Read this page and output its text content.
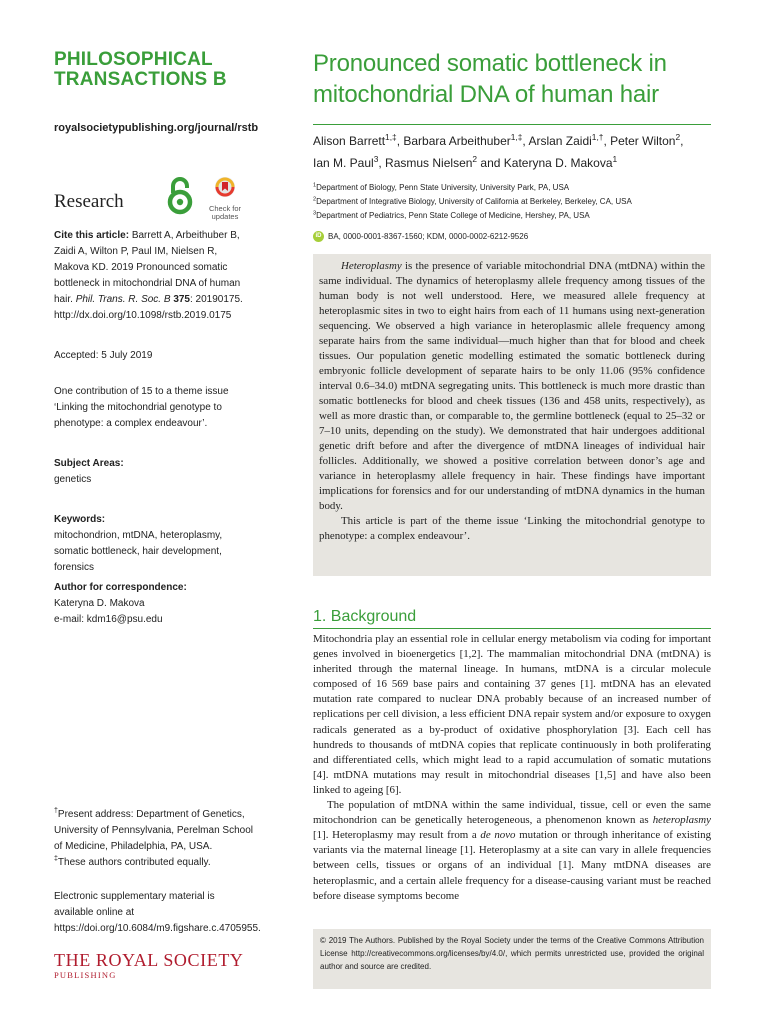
PHILOSOPHICAL
TRANSACTIONS B
royalsocietypublishing.org/journal/rstb
Research	Check for updates
Cite this article: Barrett A, Arbeithuber B, Zaidi A, Wilton P, Paul IM, Nielsen R, Makova KD. 2019 Pronounced somatic bottleneck in mitochondrial DNA of human hair. Phil. Trans. R. Soc. B 375: 20190175. http://dx.doi.org/10.1098/rstb.2019.0175
Accepted: 5 July 2019
One contribution of 15 to a theme issue ‘Linking the mitochondrial genotype to phenotype: a complex endeavour’.
Subject Areas:
genetics
Keywords:
mitochondrion, mtDNA, heteroplasmy, somatic bottleneck, hair development, forensics
Author for correspondence:
Kateryna D. Makova
e-mail: kdm16@psu.edu
†Present address: Department of Genetics, University of Pennsylvania, Perelman School of Medicine, Philadelphia, PA, USA.
‡These authors contributed equally.
Electronic supplementary material is available online at https://doi.org/10.6084/m9.figshare.c.4705955.
THE ROYAL SOCIETY
PUBLISHING
Pronounced somatic bottleneck in mitochondrial DNA of human hair
Alison Barrett$^{1,\ddagger}$, Barbara Arbeithuber$^{1,\ddagger}$, Arslan Zaidi$^{1,\dagger}$, Peter Wilton$^2$,
Ian M. Paul$^3$, Rasmus Nielsen$^2$ and Kateryna D. Makova$^1$
$^1$Department of Biology, Penn State University, University Park, PA, USA
$^2$Department of Integrative Biology, University of California at Berkeley, Berkeley, CA, USA
$^3$Department of Pediatrics, Penn State College of Medicine, Hershey, PA, USA
iD BA, 0000-0001-8367-1560; KDM, 0000-0002-6212-9526

Heteroplasmy is the presence of variable mitochondrial DNA (mtDNA) within the same individual. The dynamics of heteroplasmy allele frequency among tissues of the human body is not well understood. Here, we measured allele frequency at heteroplasmic sites in two to eight hairs from each of 11 humans using next-generation sequencing. We observed a high variance in heteroplasmic allele frequency among separate hairs from the same individual—much higher than that for blood and cheek tissues. Our population genetic modelling estimated the somatic bottleneck during embryonic follicle development of separate hairs to be only 11.06 (95% confidence interval 0.6–34.0) mtDNA segregating units. This bottleneck is much more drastic than somatic bottlenecks for blood and cheek tissues (136 and 458 units, respectively), as well as more drastic than, or comparable to, the germline bottleneck (equal to 25–32 or 7–10 units, depending on the study). We demonstrated that hair undergoes additional genetic drift before and after the divergence of mtDNA lineages of individual hair follicles. Additionally, we showed a positive correlation between donor’s age and variance in heteroplasmy allele frequency in hair. These findings have important implications for forensics and for our understanding of mtDNA dynamics in the human body.

This article is part of the theme issue ‘Linking the mitochondrial genotype to phenotype: a complex endeavour’.

1. Background

Mitochondria play an essential role in cellular energy metabolism via coding for important genes involved in bioenergetics [1,2]. The mammalian mitochondrial DNA (mtDNA) is inherited through the maternal lineage. In humans, mtDNA is a circular molecule composed of 16 569 base pairs and containing 37 genes [1]. mtDNA has an elevated mutation rate compared to nuclear DNA probably because of an increased number of replications per cell division, a less efficient DNA repair system and/or exposure to oxygen radicals generated as a by-product of oxidative phosphorylation [3]. Each cell has hundreds to thousands of mtDNA copies that replicate continuously in both proliferating and differentiated cells, which might lead to a rapid accumulation of somatic mutations [4]. mtDNA mutations may result in mitochondrial diseases [1,5] and have also been linked to ageing [6].

The population of mtDNA within the same individual, tissue, cell or even the same mitochondrion can be genetically heterogeneous, a phenomenon known as heteroplasmy [1]. Heteroplasmy may result from a de novo mutation or through inheritance of existing variants via the maternal lineage [1]. Heteroplasmy at a site can vary in allele frequencies between cells, tissues or organs of an individual [1]. Many mtDNA diseases are heteroplasmic, and a certain allele frequency for a disease-causing variant must be reached before disease symptoms become

© 2019 The Authors. Published by the Royal Society under the terms of the Creative Commons Attribution License http://creativecommons.org/licenses/by/4.0/, which permits unrestricted use, provided the original author and source are credited.
